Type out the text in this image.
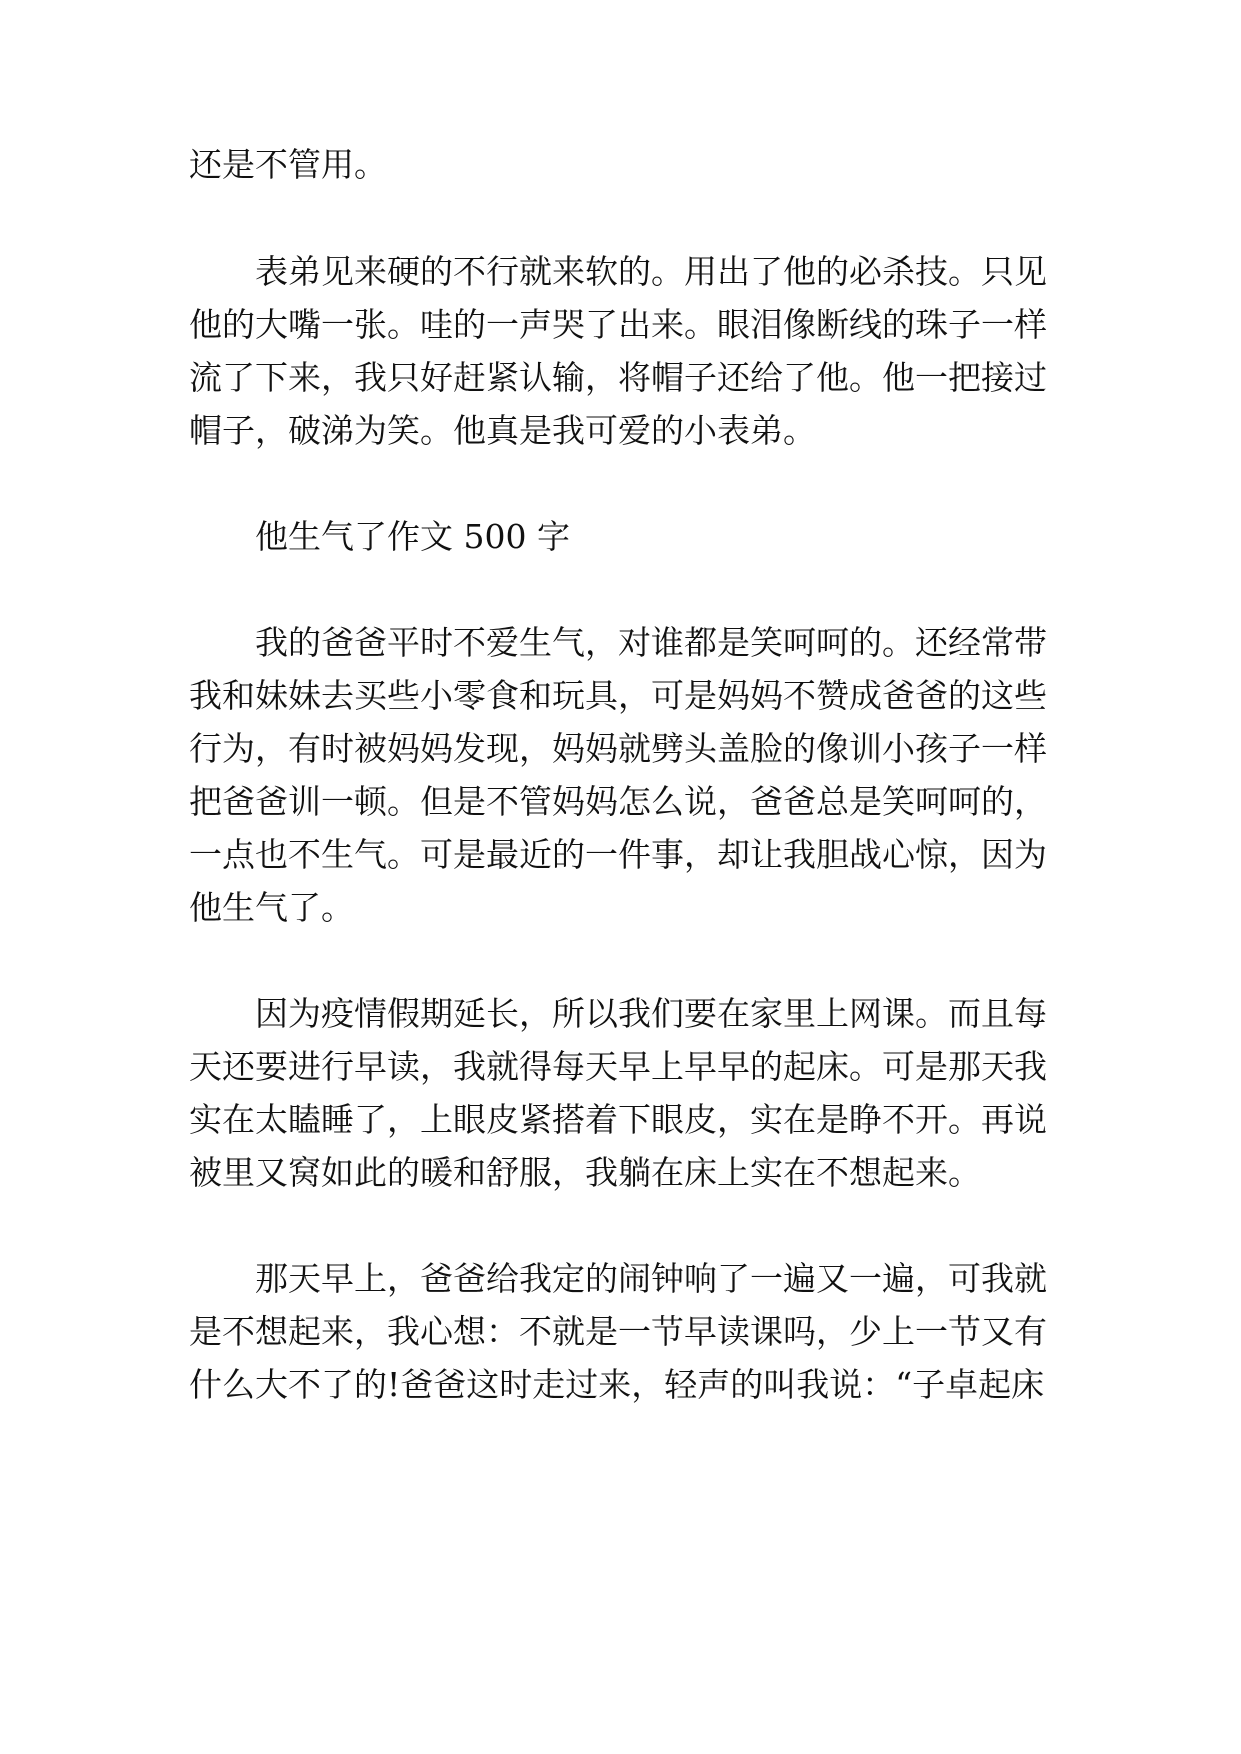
还是不管用。
表弟见来硬的不行就来软的。用出了他的必杀技。只见
他的大嘴一张。哇的一声哭了出来。眼泪像断线的珠子一样
流了下来，我只好赶紧认输，将帽子还给了他。他一把接过
帽子，破涕为笑。他真是我可爱的小表弟。
他生气了作文 500 字
我的爸爸平时不爱生气，对谁都是笑呵呵的。还经常带
我和妹妹去买些小零食和玩具，可是妈妈不赞成爸爸的这些
行为，有时被妈妈发现，妈妈就劈头盖脸的像训小孩子一样
把爸爸训一顿。但是不管妈妈怎么说，爸爸总是笑呵呵的，
一点也不生气。可是最近的一件事，却让我胆战心惊，因为
他生气了。
因为疫情假期延长，所以我们要在家里上网课。而且每
天还要进行早读，我就得每天早上早早的起床。可是那天我
实在太瞌睡了，上眼皮紧搭着下眼皮，实在是睁不开。再说
被里又窝如此的暖和舒服，我躺在床上实在不想起来。
那天早上，爸爸给我定的闹钟响了一遍又一遍，可我就
是不想起来，我心想：不就是一节早读课吗，少上一节又有
什么大不了的!爸爸这时走过来，轻声的叫我说：“子卓起床
